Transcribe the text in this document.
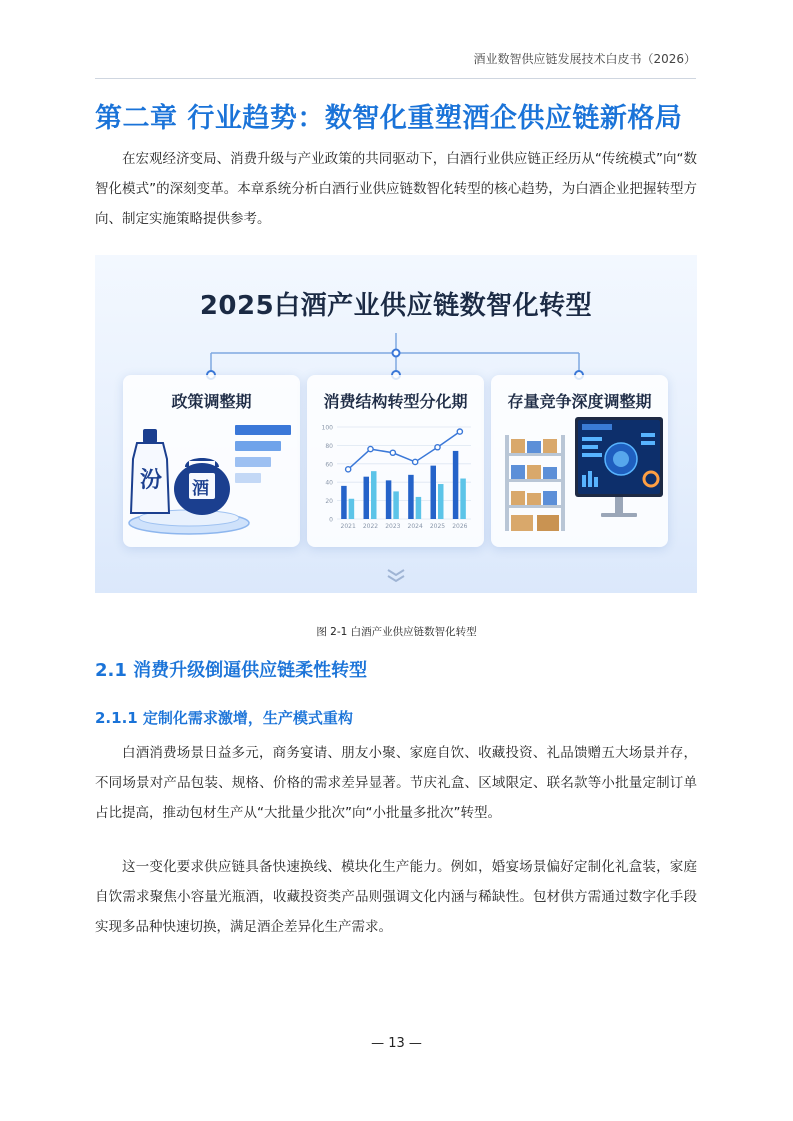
酒业数智供应链发展技术白皮书（2026）
第二章 行业趋势：数智化重塑酒企供应链新格局

在宏观经济变局、消费升级与产业政策的共同驱动下，白酒行业供应链正经历从“传统模式”向“数智化模式”的深刻变革。本章系统分析白酒行业供应链数智化转型的核心趋势，为白酒企业把握转型方向、制定实施策略提供参考。

2025白酒产业供应链数智化转型
政策调整期
汾 酒
消费结构转型分化期
100
80
60
40
20
0
2021 2022 2023 2024 2025 2026
存量竞争深度调整期
图 2-1 白酒产业供应链数智化转型
2.1 消费升级倒逼供应链柔性转型
2.1.1 定制化需求激增，生产模式重构

白酒消费场景日益多元，商务宴请、朋友小聚、家庭自饮、收藏投资、礼品馈赠五大场景并存，不同场景对产品包装、规格、价格的需求差异显著。节庆礼盒、区域限定、联名款等小批量定制订单占比提高，推动包材生产从“大批量少批次”向“小批量多批次”转型。

这一变化要求供应链具备快速换线、模块化生产能力。例如，婚宴场景偏好定制化礼盒装，家庭自饮需求聚焦小容量光瓶酒，收藏投资类产品则强调文化内涵与稀缺性。包材供方需通过数字化手段实现多品种快速切换，满足酒企差异化生产需求。

— 13 —
